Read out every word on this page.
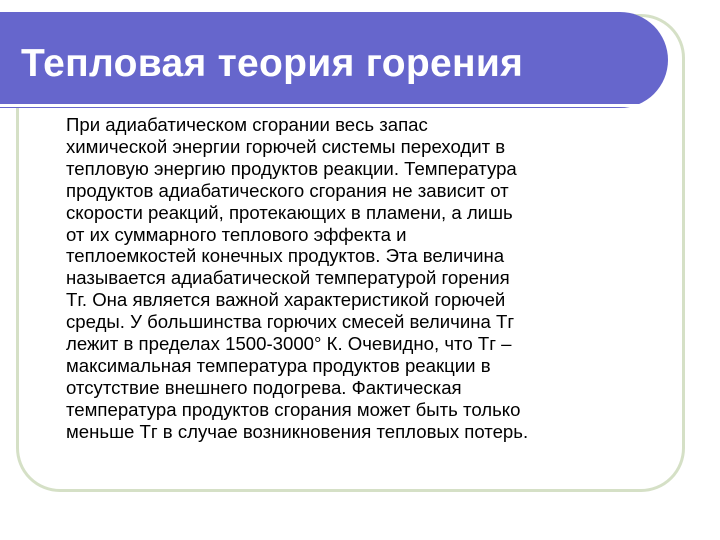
Тепловая теория горения
При адиабатическом сгорании весь запас
химической энергии горючей системы переходит в
тепловую энергию продуктов реакции. Температура
продуктов адиабатического сгорания не зависит от
скорости реакций, протекающих в пламени, а лишь
от их суммарного теплового эффекта и
теплоемкостей конечных продуктов. Эта величина
называется адиабатической температурой горения
Тг. Она является важной характеристикой горючей
среды. У большинства горючих смесей величина Тг
лежит в пределах 1500-3000° К. Очевидно, что Тг –
максимальная температура продуктов реакции в
отсутствие внешнего подогрева. Фактическая
температура продуктов сгорания может быть только
меньше Тг в случае возникновения тепловых потерь.
